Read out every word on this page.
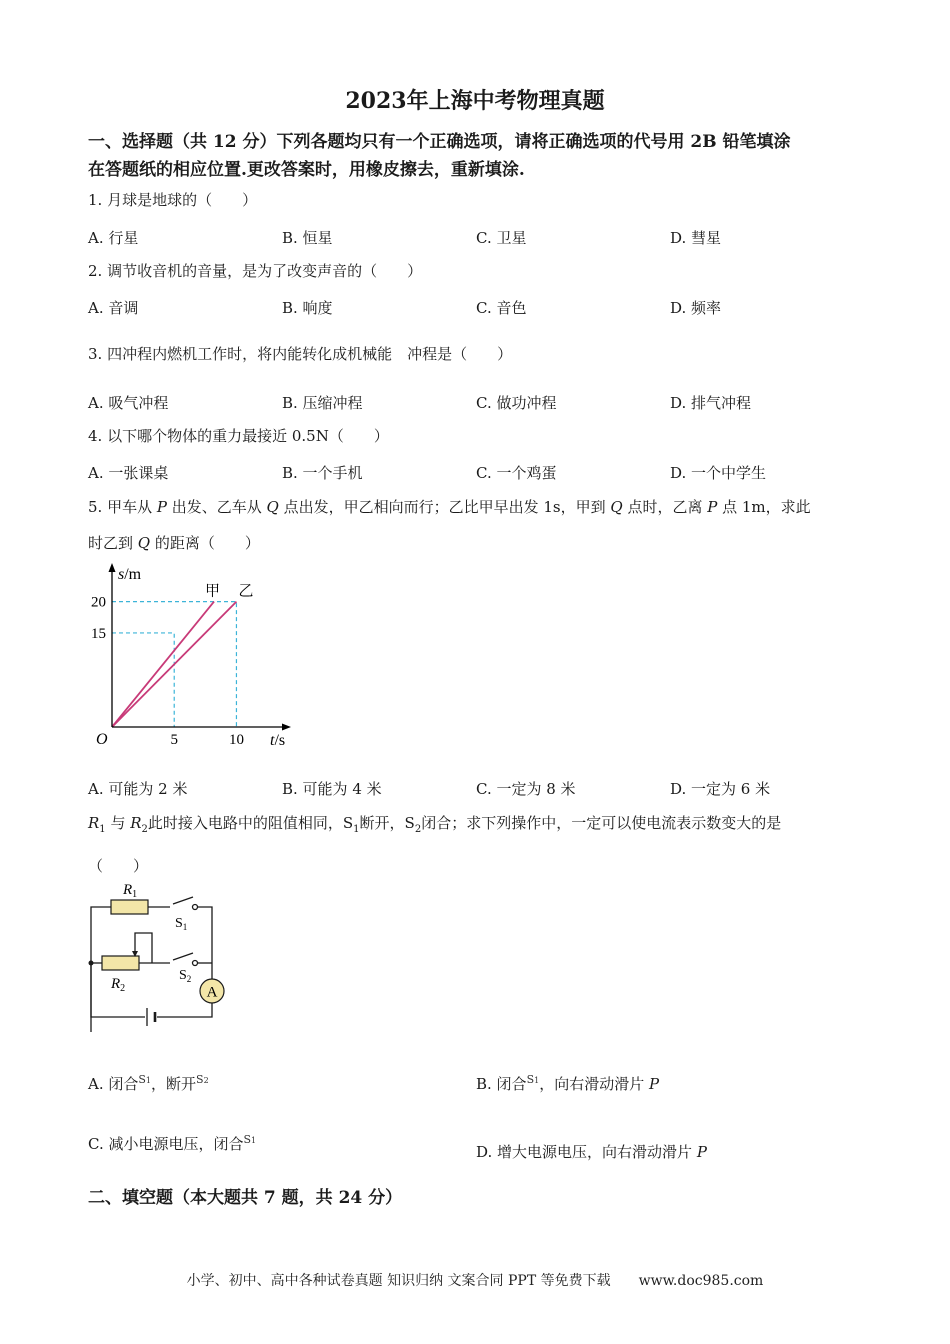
2023年上海中考物理真题
一、选择题（共 12 分）下列各题均只有一个正确选项，请将正确选项的代号用 2B 铅笔填涂
在答题纸的相应位置.更改答案时，用橡皮擦去，重新填涂.
1. 月球是地球的（　　）
A. 行星	B. 恒星	C. 卫星	D. 彗星
2. 调节收音机的音量，是为了改变声音的（　　）
A. 音调	B. 响度	C. 音色	D. 频率
3. 四冲程内燃机工作时，将内能转化成机械能　冲程是（　　）
A. 吸气冲程	B. 压缩冲程	C. 做功冲程	D. 排气冲程
4. 以下哪个物体的重力最接近 0.5N（　　）
A. 一张课桌	B. 一个手机	C. 一个鸡蛋	D. 一个中学生
5. 甲车从 P 出发、乙车从 Q 点出发，甲乙相向而行；乙比甲早出发 1s，甲到 Q 点时，乙离 P 点 1m，求此
时乙到 Q 的距离（　　）
s/m
t/s
O	5	10
15
20
甲 乙
A. 可能为 2 米	B. 可能为 4 米	C. 一定为 8 米	D. 一定为 6 米
$R_1$ 与 $R_2$此时接入电路中的阻值相同，$S_1$断开，$S_2$闭合；求下列操作中，一定可以使电流表示数变大的是
（　　）
A
$R_1$
$R_2$
$S_1$
$S_2$
A. 闭合$^{S1}$，断开$^{S2}$	B. 闭合$^{S1}$，向右滑动滑片 P
C. 减小电源电压，闭合$^{S1}$
D. 增大电源电压，向右滑动滑片 P
二、填空题（本大题共 7 题，共 24 分）
小学、初中、高中各种试卷真题 知识归纳 文案合同 PPT 等免费下载　　www.doc985.com
